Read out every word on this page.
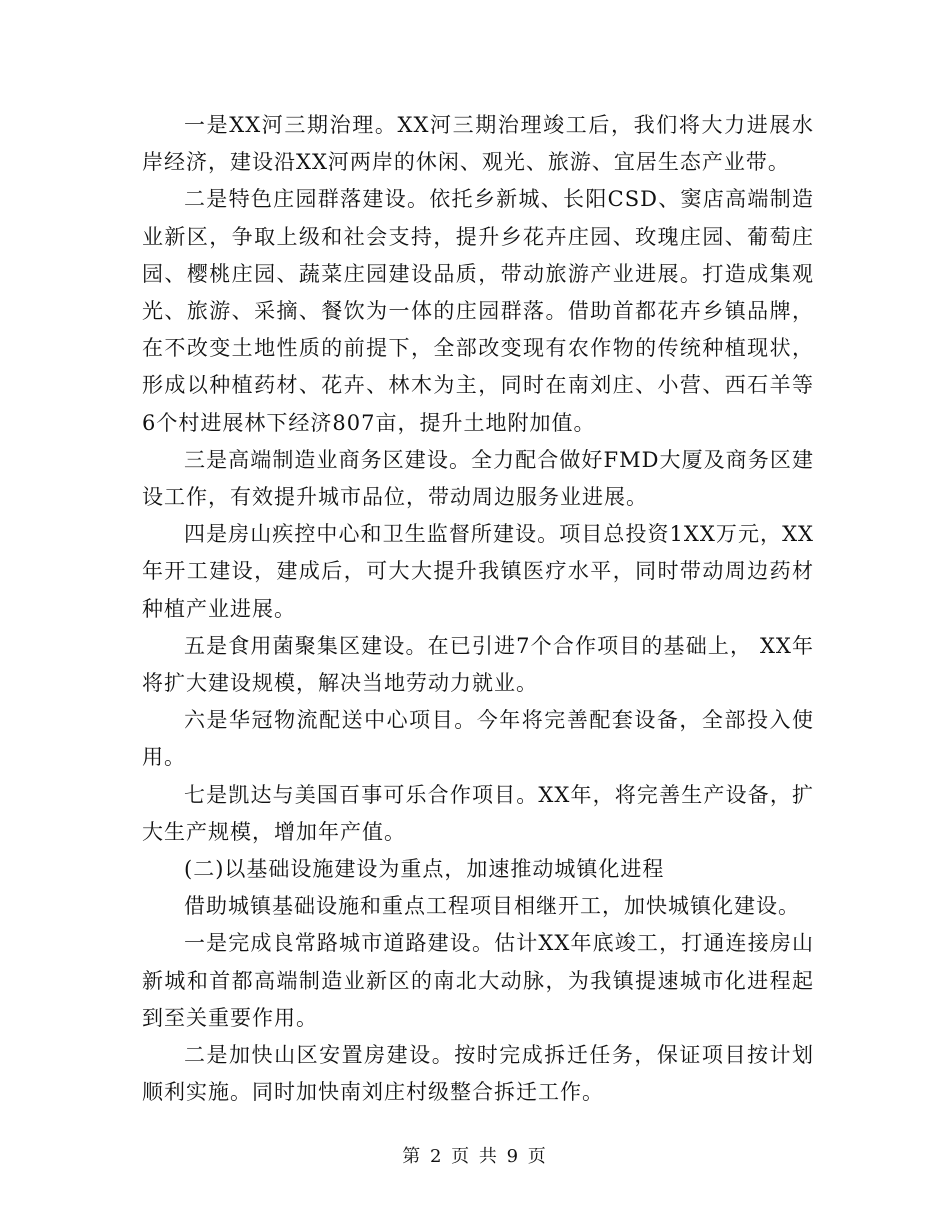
一是XX河三期治理。XX河三期治理竣工后，我们将大力进展水岸经济，建设沿XX河两岸的休闲、观光、旅游、宜居生态产业带。

二是特色庄园群落建设。依托乡新城、长阳CSD、窦店高端制造业新区，争取上级和社会支持，提升乡花卉庄园、玫瑰庄园、葡萄庄园、樱桃庄园、蔬菜庄园建设品质，带动旅游产业进展。打造成集观光、旅游、采摘、餐饮为一体的庄园群落。借助首都花卉乡镇品牌，在不改变土地性质的前提下，全部改变现有农作物的传统种植现状，形成以种植药材、花卉、林木为主，同时在南刘庄、小营、西石羊等6个村进展林下经济807亩，提升土地附加值。

三是高端制造业商务区建设。全力配合做好FMD大厦及商务区建设工作，有效提升城市品位，带动周边服务业进展。

四是房山疾控中心和卫生监督所建设。项目总投资1XX万元，XX年开工建设，建成后，可大大提升我镇医疗水平，同时带动周边药材种植产业进展。

五是食用菌聚集区建设。在已引进7个合作项目的基础上， XX年将扩大建设规模，解决当地劳动力就业。

六是华冠物流配送中心项目。今年将完善配套设备，全部投入使用。

七是凯达与美国百事可乐合作项目。XX年，将完善生产设备，扩大生产规模，增加年产值。

(二)以基础设施建设为重点，加速推动城镇化进程

借助城镇基础设施和重点工程项目相继开工，加快城镇化建设。

一是完成良常路城市道路建设。估计XX年底竣工，打通连接房山新城和首都高端制造业新区的南北大动脉，为我镇提速城市化进程起到至关重要作用。

二是加快山区安置房建设。按时完成拆迁任务，保证项目按计划顺利实施。同时加快南刘庄村级整合拆迁工作。

第 2 页 共 9 页
